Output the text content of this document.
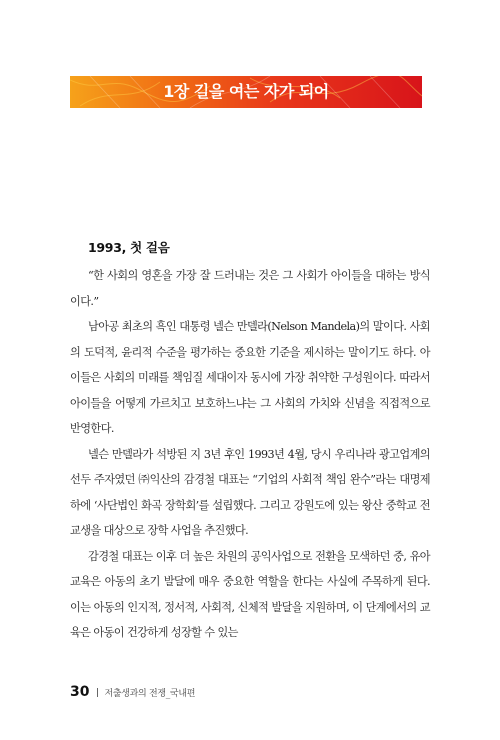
1장 길을 여는 자가 되어
1993, 첫 걸음

“한 사회의 영혼을 가장 잘 드러내는 것은 그 사회가 아이들을 대하는 방식이다.”

남아공 최초의 흑인 대통령 넬슨 만델라(Nelson Mandela)의 말이다. 사회의 도덕적, 윤리적 수준을 평가하는 중요한 기준을 제시하는 말이기도 하다. 아이들은 사회의 미래를 책임질 세대이자 동시에 가장 취약한 구성원이다. 따라서 아이들을 어떻게 가르치고 보호하느냐는 그 사회의 가치와 신념을 직접적으로 반영한다.

넬슨 만델라가 석방된 지 3년 후인 1993년 4월, 당시 우리나라 광고업계의 선두 주자였던 ㈜익산의 감경철 대표는 “기업의 사회적 책임 완수”라는 대명제하에 ‘사단법인 화곡 장학회’를 설립했다. 그리고 강원도에 있는 왕산 중학교 전교생을 대상으로 장학 사업을 추진했다.

감경철 대표는 이후 더 높은 차원의 공익사업으로 전환을 모색하던 중, 유아 교육은 아동의 초기 발달에 매우 중요한 역할을 한다는 사실에 주목하게 된다. 이는 아동의 인지적, 정서적, 사회적, 신체적 발달을 지원하며, 이 단계에서의 교육은 아동이 건강하게 성장할 수 있는

30 저출생과의 전쟁_국내편
